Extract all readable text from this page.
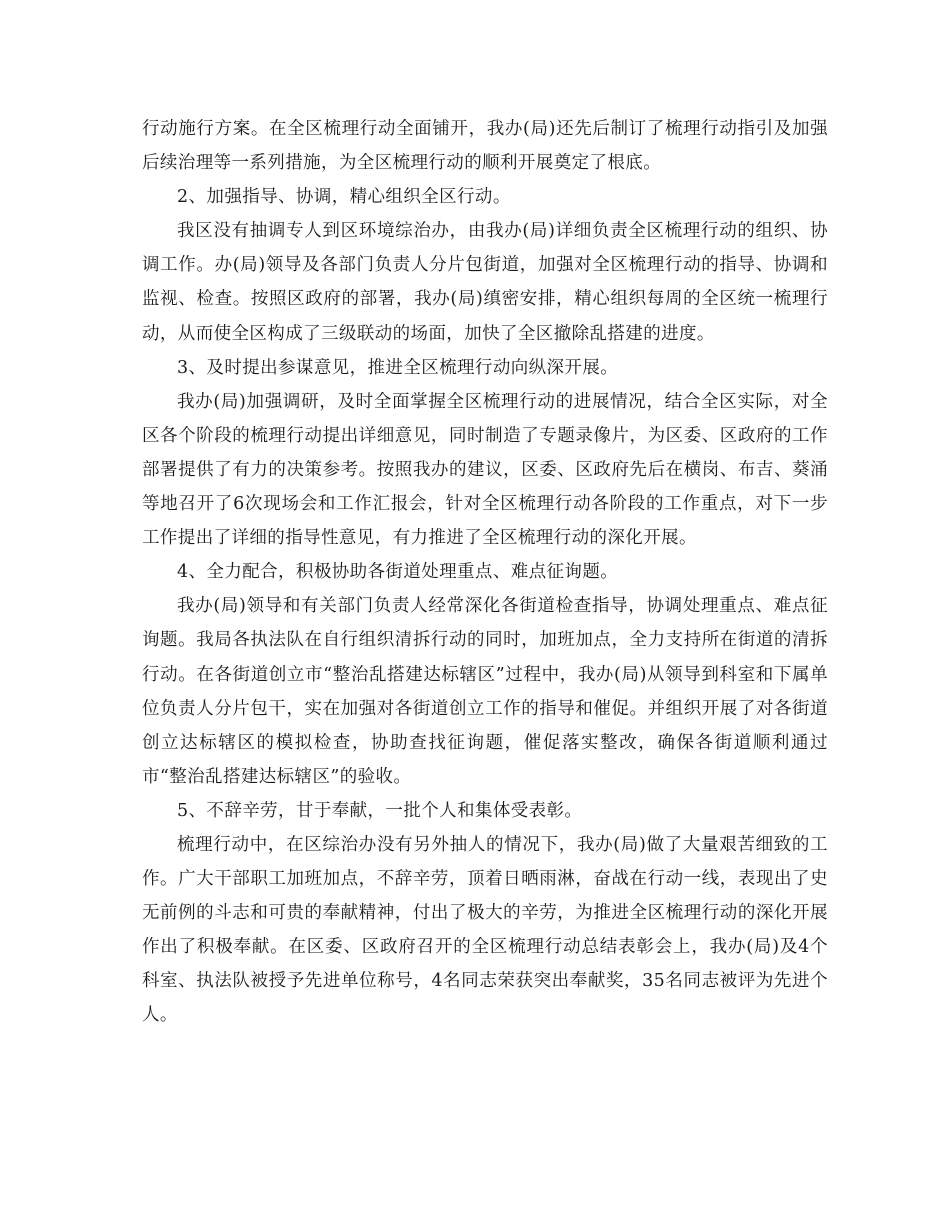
行动施行方案。在全区梳理行动全面铺开，我办(局)还先后制订了梳理行动指引及加强后续治理等一系列措施，为全区梳理行动的顺利开展奠定了根底。

2、加强指导、协调，精心组织全区行动。

我区没有抽调专人到区环境综治办，由我办(局)详细负责全区梳理行动的组织、协调工作。办(局)领导及各部门负责人分片包街道，加强对全区梳理行动的指导、协调和监视、检查。按照区政府的部署，我办(局)缜密安排，精心组织每周的全区统一梳理行动，从而使全区构成了三级联动的场面，加快了全区撤除乱搭建的进度。

3、及时提出参谋意见，推进全区梳理行动向纵深开展。

我办(局)加强调研，及时全面掌握全区梳理行动的进展情况，结合全区实际，对全区各个阶段的梳理行动提出详细意见，同时制造了专题录像片，为区委、区政府的工作部署提供了有力的决策参考。按照我办的建议，区委、区政府先后在横岗、布吉、葵涌等地召开了6次现场会和工作汇报会，针对全区梳理行动各阶段的工作重点，对下一步工作提出了详细的指导性意见，有力推进了全区梳理行动的深化开展。

4、全力配合，积极协助各街道处理重点、难点征询题。

我办(局)领导和有关部门负责人经常深化各街道检查指导，协调处理重点、难点征询题。我局各执法队在自行组织清拆行动的同时，加班加点，全力支持所在街道的清拆行动。在各街道创立市“整治乱搭建达标辖区”过程中，我办(局)从领导到科室和下属单位负责人分片包干，实在加强对各街道创立工作的指导和催促。并组织开展了对各街道创立达标辖区的模拟检查，协助查找征询题，催促落实整改，确保各街道顺利通过市“整治乱搭建达标辖区”的验收。

5、不辞辛劳，甘于奉献，一批个人和集体受表彰。

梳理行动中，在区综治办没有另外抽人的情况下，我办(局)做了大量艰苦细致的工作。广大干部职工加班加点，不辞辛劳，顶着日晒雨淋，奋战在行动一线，表现出了史无前例的斗志和可贵的奉献精神，付出了极大的辛劳，为推进全区梳理行动的深化开展作出了积极奉献。在区委、区政府召开的全区梳理行动总结表彰会上，我办(局)及4个科室、执法队被授予先进单位称号，4名同志荣获突出奉献奖，35名同志被评为先进个人。
